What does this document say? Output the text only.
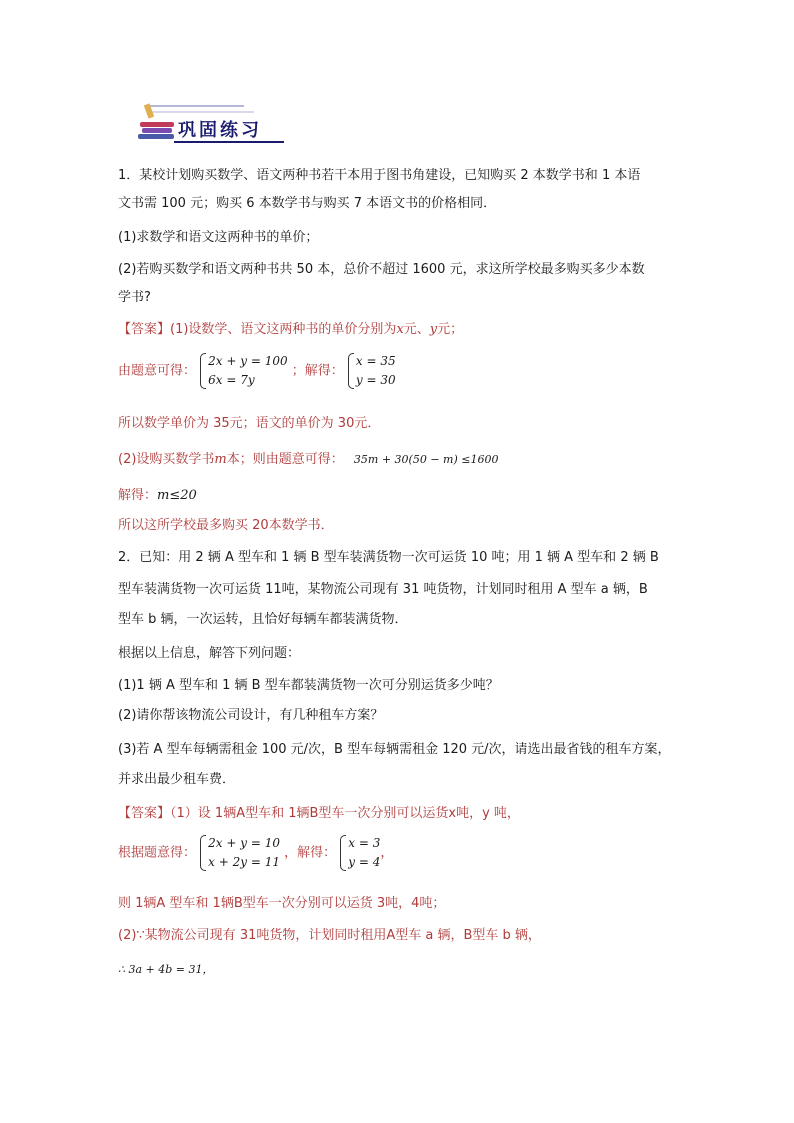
巩固练习
1．某校计划购买数学、语文两种书若干本用于图书角建设，已知购买 2 本数学书和 1 本语
文书需 100 元；购买 6 本数学书与购买 7 本语文书的价格相同．
(1)求数学和语文这两种书的单价；
(2)若购买数学和语文两种书共 50 本，总价不超过 1600 元，求这所学校最多购买多少本数
学书?
【答案】(1)设数学、语文这两种书的单价分别为x元、y元；
由题意可得：
2x + y = 100
6x = 7y
；解得：
x = 35
y = 30
所以数学单价为 35元；语文的单价为 30元．
(2)设购买数学书m本；则由题意可得： 35m + 30(50 − m) ≤1600
解得：m≤20
所以这所学校最多购买 20本数学书．
2．已知：用 2 辆 A 型车和 1 辆 B 型车装满货物一次可运货 10 吨；用 1 辆 A 型车和 2 辆 B
型车装满货物一次可运货 11吨，某物流公司现有 31 吨货物，计划同时租用 A 型车 a 辆，B
型车 b 辆，一次运转，且恰好每辆车都装满货物．
根据以上信息，解答下列问题：
(1)1 辆 A 型车和 1 辆 B 型车都装满货物一次可分别运货多少吨？
(2)请你帮该物流公司设计，有几种租车方案？
(3)若 A 型车每辆需租金 100 元/次，B 型车每辆需租金 120 元/次，请选出最省钱的租车方案，
并求出最少租车费．
【答案】（1）设 1辆A型车和 1辆B型车一次分别可以运货x吨，y 吨，
根据题意得：
2x + y = 10
x + 2y = 11
，解得：
x = 3
y = 4
，
则 1辆A 型车和 1辆B型车一次分别可以运货 3吨，4吨；
(2)∵某物流公司现有 31吨货物，计划同时租用A型车 a 辆，B型车 b 辆，
∴ 3a + 4b = 31，
